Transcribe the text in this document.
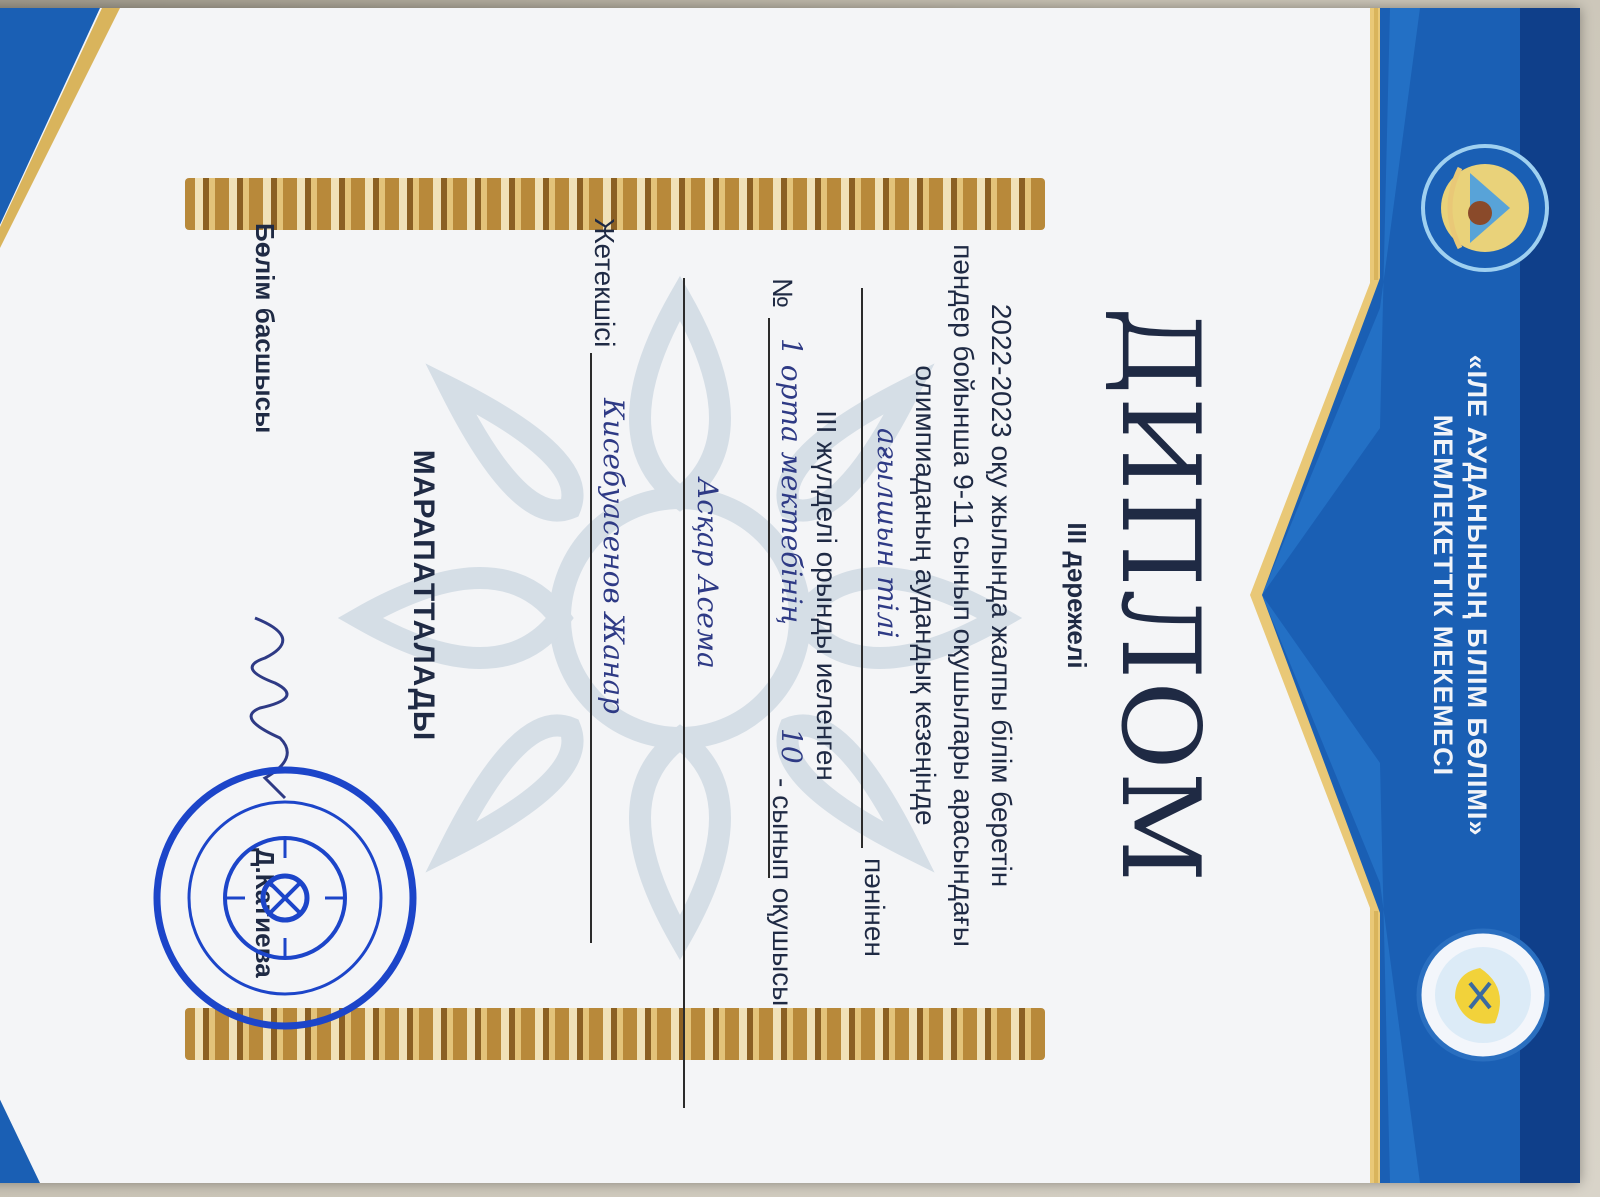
«ІЛЕ АУДАНЫНЫҢ БІЛІМ БӨЛІМІ»
МЕМЛЕКЕТТІК МЕКЕМЕСІ
ДИПЛОМ
ІІІ дәрежелі
2022-2023 оқу жылында жалпы білім беретін
пәндер бойынша 9-11 сынып оқушылары арасындағы
олимпиаданың аудандық кезеңінде
ағылшын тілі
пәнінен
ІІІ жүлделі орынды иеленген
№
1 орта мектебінің
10
- сынып оқушысы
Асқар Асема
Жетекшісі
Кисебуасенов Жанар
МАРАПАТТАЛАДЫ
Бөлім басшысы
Д.Катиева
